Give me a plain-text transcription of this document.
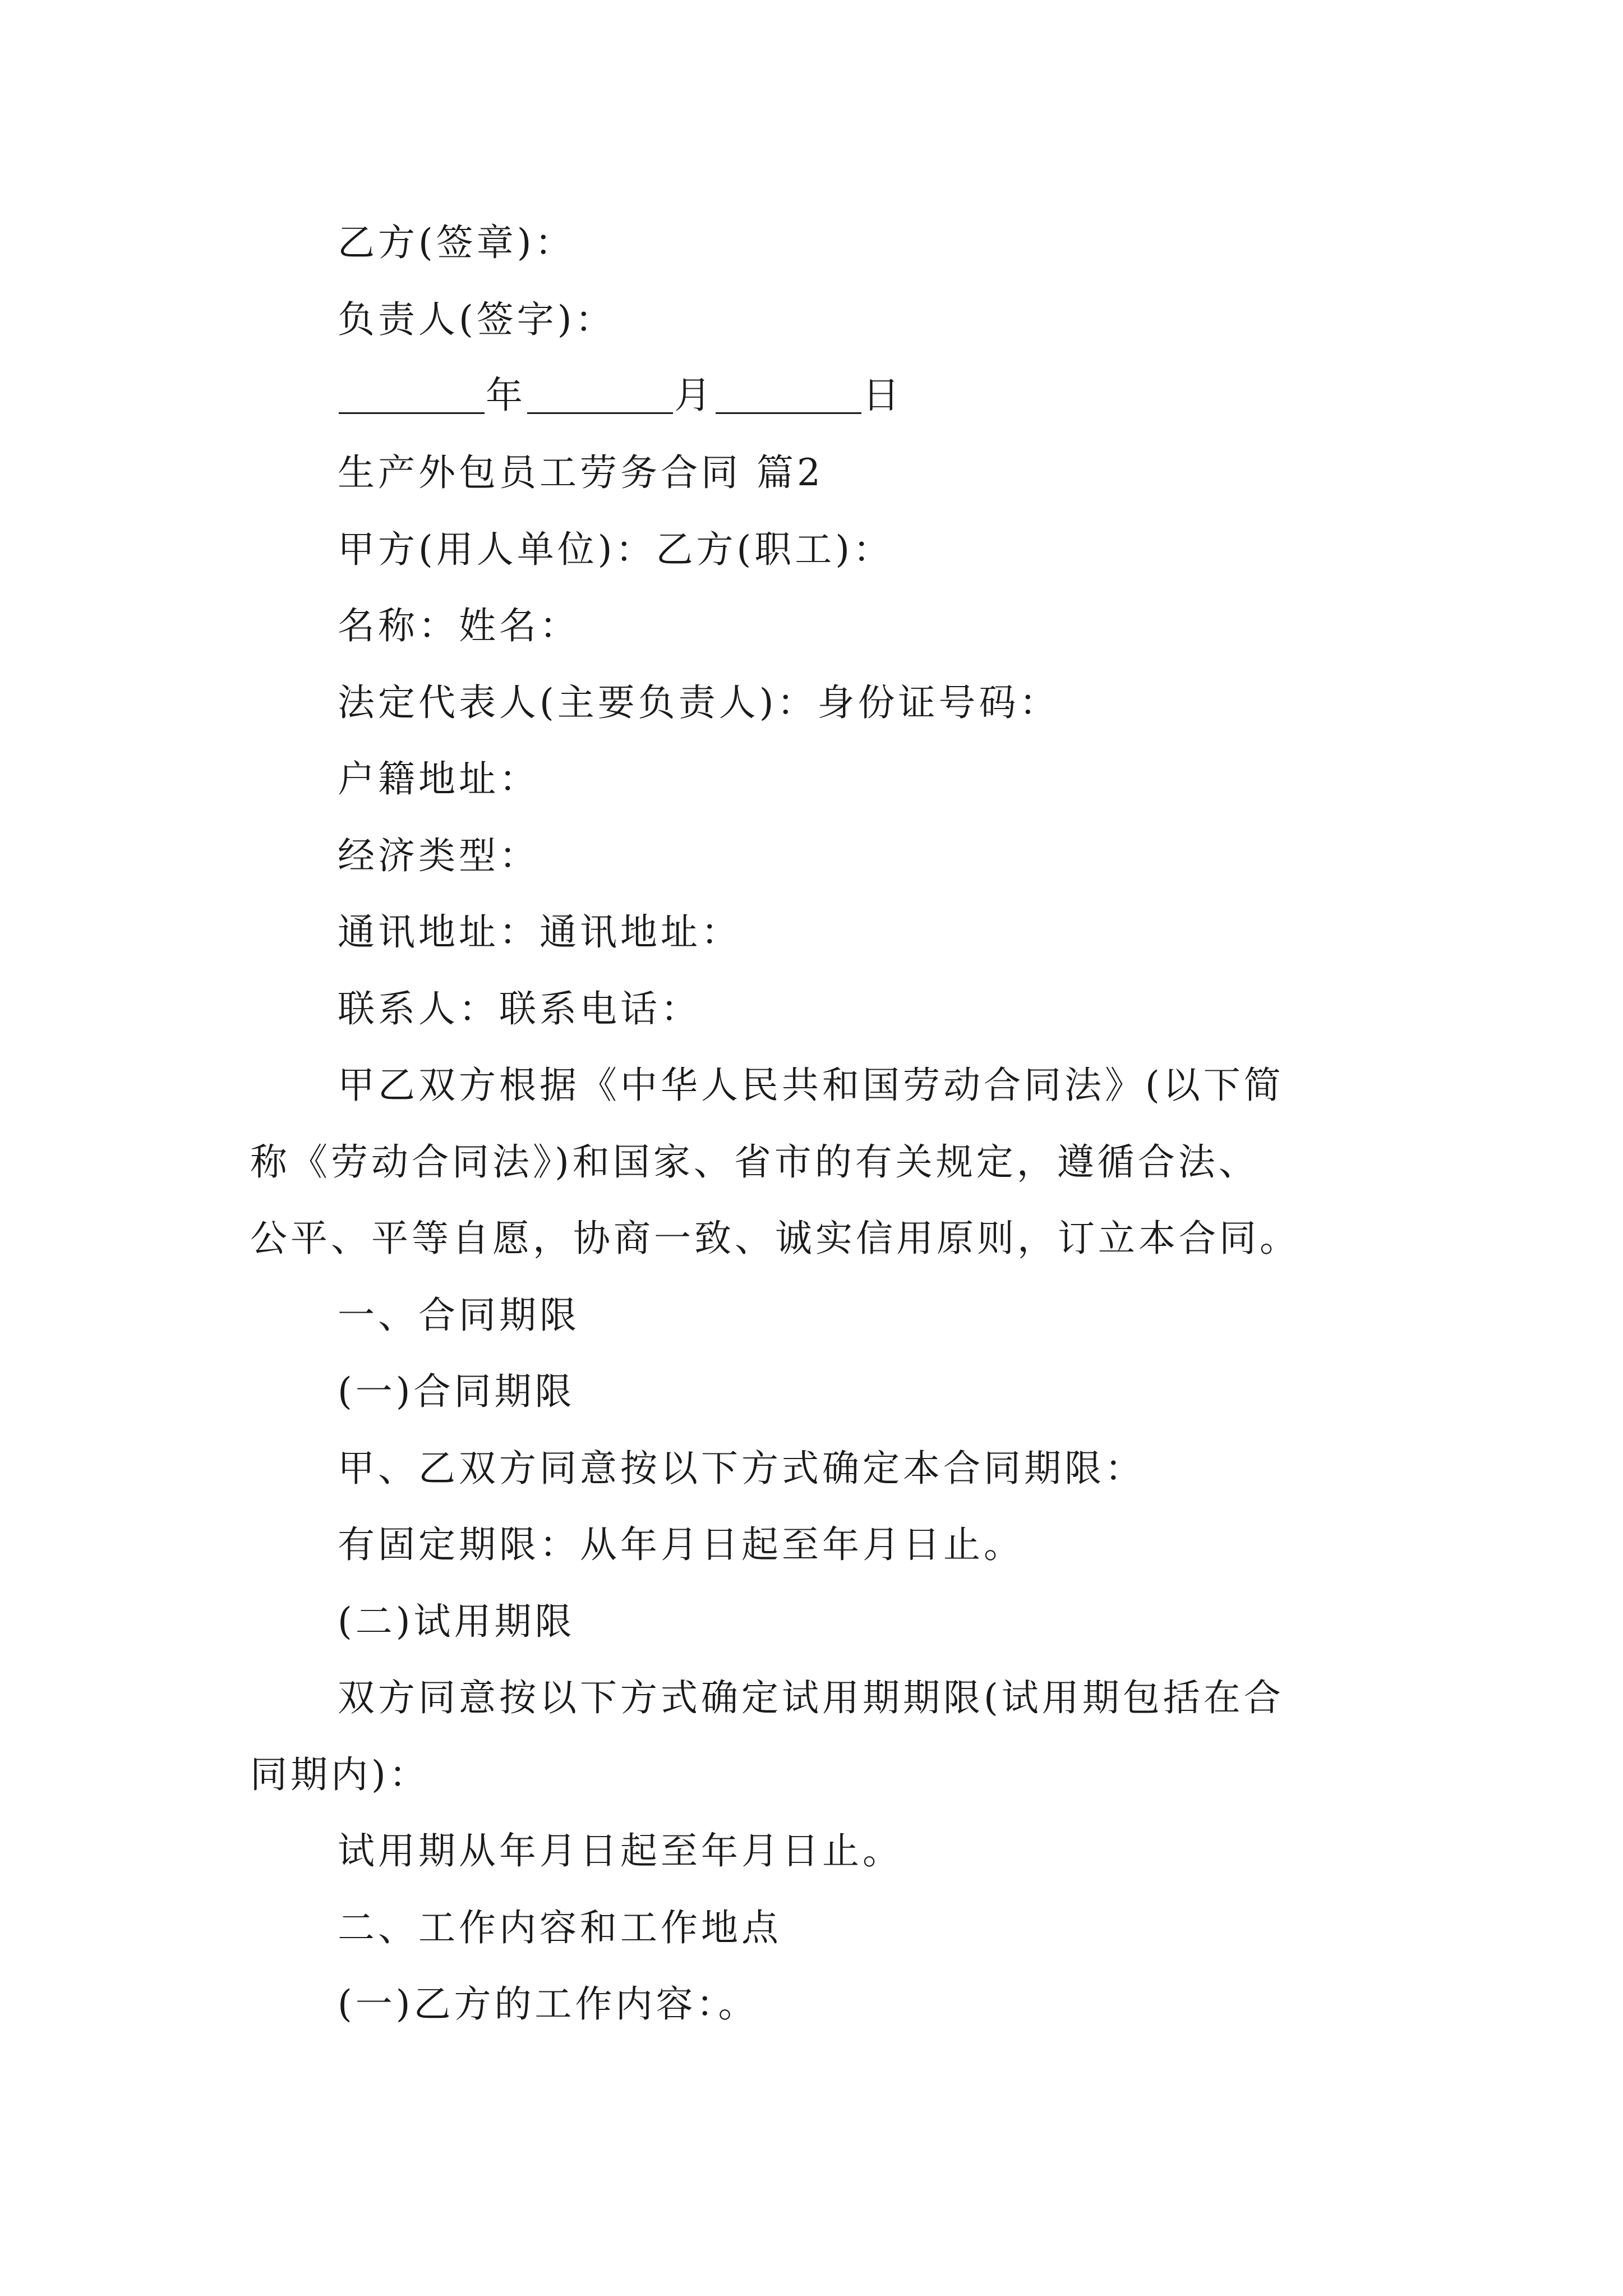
乙方(签章)：
负责人(签字)：
年	月	日
生产外包员工劳务合同 篇2
甲方(用人单位)：乙方(职工)：
名称：姓名：
法定代表人(主要负责人)：身份证号码：
户籍地址：
经济类型：
通讯地址：通讯地址：
联系人：联系电话：
甲乙双方根据《中华人民共和国劳动合同法》(以下简
称《劳动合同法》)和国家、省市的有关规定，遵循合法、
公平、平等自愿，协商一致、诚实信用原则，订立本合同。
一、合同期限
(一)合同期限
甲、乙双方同意按以下方式确定本合同期限：
有固定期限：从年月日起至年月日止。
(二)试用期限
双方同意按以下方式确定试用期期限(试用期包括在合
同期内)：
试用期从年月日起至年月日止。
二、工作内容和工作地点
(一)乙方的工作内容：。
